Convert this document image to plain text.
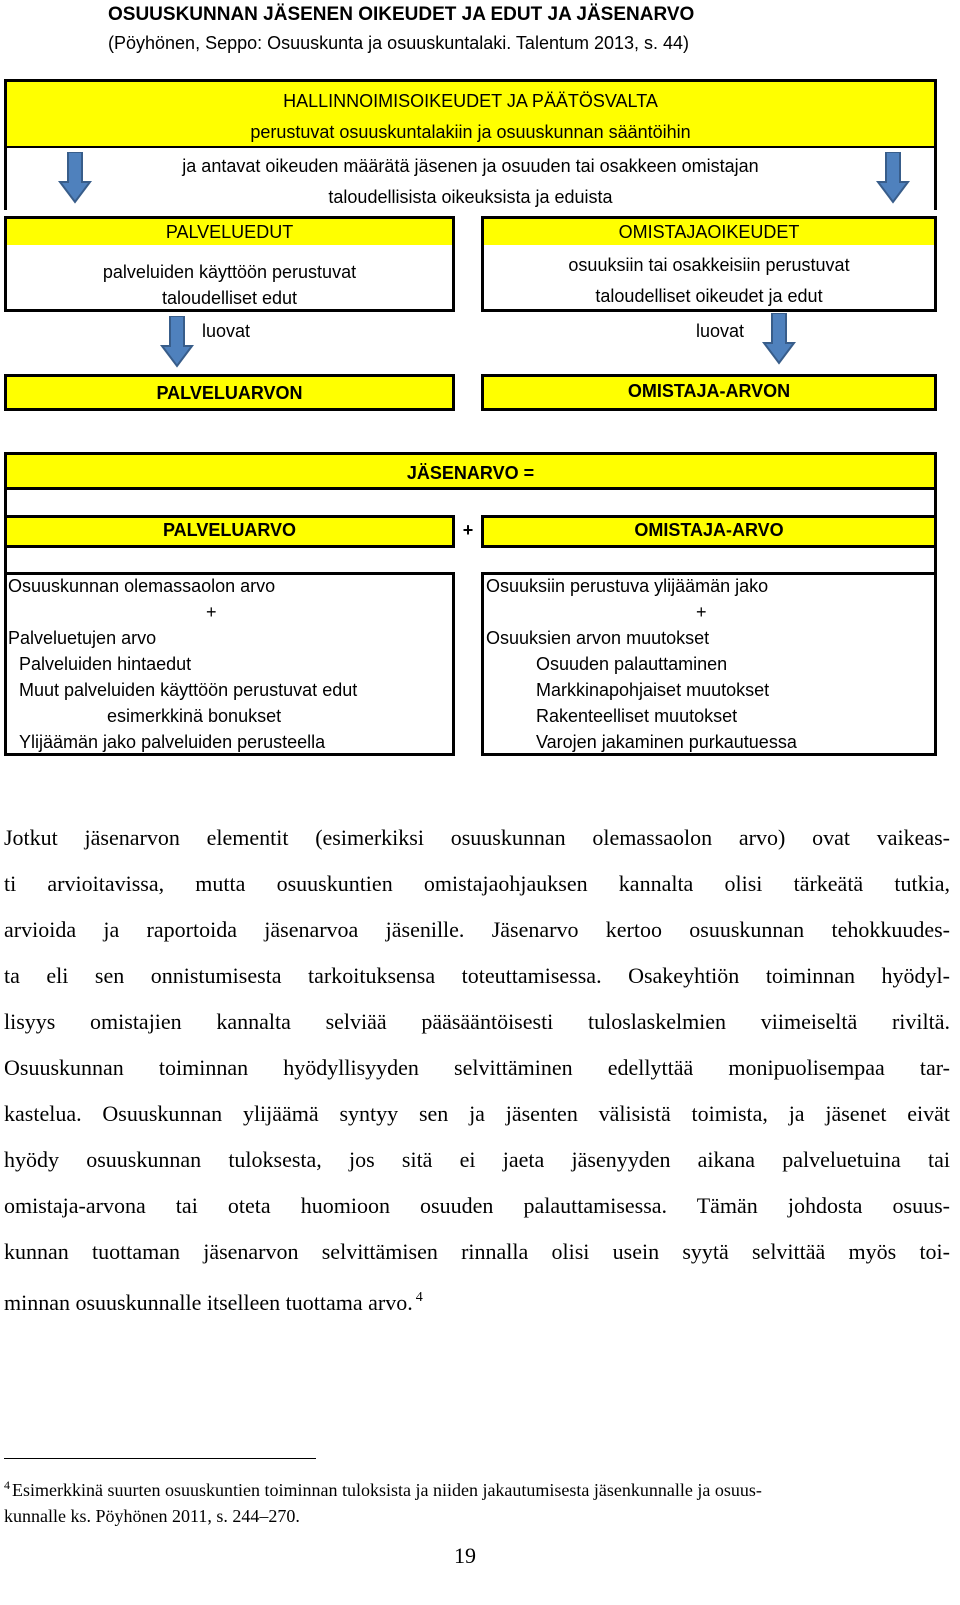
OSUUSKUNNAN JÄSENEN OIKEUDET JA EDUT JA JÄSENARVO
(Pöyhönen, Seppo: Osuuskunta ja osuuskuntalaki. Talentum 2013, s. 44)
HALLINNOIMISOIKEUDET JA PÄÄTÖSVALTA
perustuvat osuuskuntalakiin ja osuuskunnan sääntöihin
ja antavat oikeuden määrätä jäsenen ja osuuden tai osakkeen omistajan
taloudellisista oikeuksista ja eduista
PALVELUEDUT
palveluiden käyttöön perustuvat
taloudelliset edut
OMISTAJAOIKEUDET
osuuksiin tai osakkeisiin perustuvat
taloudelliset oikeudet ja edut
luovat	luovat
PALVELUARVON	OMISTAJA-ARVON
JÄSENARVO =
PALVELUARVO	+	OMISTAJA-ARVO
Osuuskunnan olemassaolon arvo
+
Palveluetujen arvo
Palveluiden hintaedut
Muut palveluiden käyttöön perustuvat edut
esimerkkinä bonukset
Ylijäämän jako palveluiden perusteella
Osuuksiin perustuva ylijäämän jako
+
Osuuksien arvon muutokset
Osuuden palauttaminen
Markkinapohjaiset muutokset
Rakenteelliset muutokset
Varojen jakaminen purkautuessa
Jotkut jäsenarvon elementit (esimerkiksi osuuskunnan olemassaolon arvo) ovat vaikeas-
ti arvioitavissa, mutta osuuskuntien omistajaohjauksen kannalta olisi tärkeätä tutkia,
arvioida ja raportoida jäsenarvoa jäsenille. Jäsenarvo kertoo osuuskunnan tehokkuudes-
ta eli sen onnistumisesta tarkoituksensa toteuttamisessa. Osakeyhtiön toiminnan hyödyl-
lisyys omistajien kannalta selviää pääsääntöisesti tuloslaskelmien viimeiseltä riviltä.
Osuuskunnan toiminnan hyödyllisyyden selvittäminen edellyttää monipuolisempaa tar-
kastelua. Osuuskunnan ylijäämä syntyy sen ja jäsenten välisistä toimista, ja jäsenet eivät
hyödy osuuskunnan tuloksesta, jos sitä ei jaeta jäsenyyden aikana palveluetuina tai
omistaja-arvona tai oteta huomioon osuuden palauttamisessa. Tämän johdosta osuus-
kunnan tuottaman jäsenarvon selvittämisen rinnalla olisi usein syytä selvittää myös toi-
minnan osuuskunnalle itselleen tuottama arvo. $^4$
$^4$ Esimerkkinä suurten osuuskuntien toiminnan tuloksista ja niiden jakautumisesta jäsenkunnalle ja osuus-
kunnalle ks. Pöyhönen 2011, s. 244–270.
19
